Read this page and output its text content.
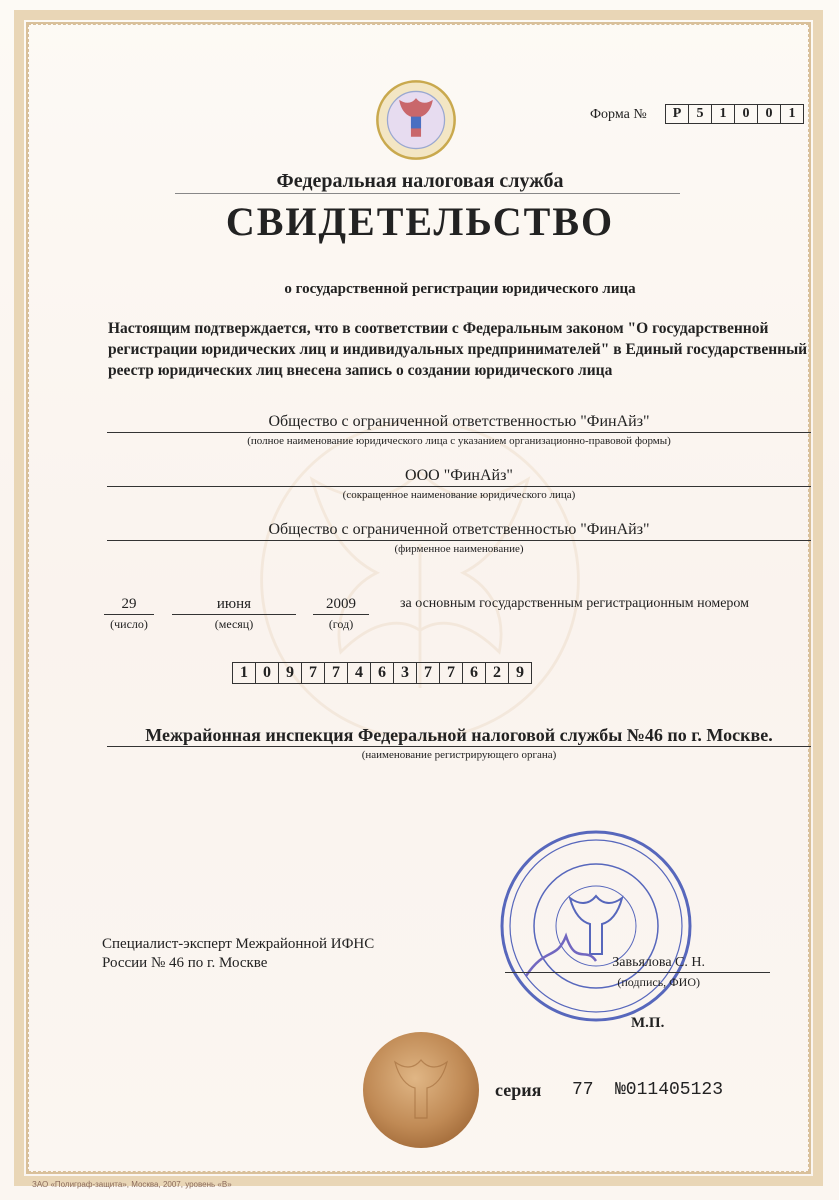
Форма №	Р	5	1	0	0	1
Федеральная налоговая служба
СВИДЕТЕЛЬСТВО
о государственной регистрации юридического лица
Настоящим подтверждается, что в соответствии с Федеральным законом "О государственной регистрации юридических лиц и индивидуальных предпринимателей" в Единый государственный реестр юридических лиц внесена запись о создании юридического лица
Общество с ограниченной ответственностью "ФинАйз"
(полное наименование юридического лица с указанием организационно-правовой формы)
ООО "ФинАйз"
(сокращенное наименование юридического лица)
Общество с ограниченной ответственностью "ФинАйз"
(фирменное наименование)
29
(число)
июня
(месяц)
2009
(год)
за основным государственным регистрационным номером
1 0 9 7 7 4 6 3 7 7 6 2 9
Межрайонная инспекция Федеральной налоговой службы №46 по г. Москве.
(наименование регистрирующего органа)
Специалист-эксперт Межрайонной ИФНС
России № 46 по г. Москве	Завьялова С. Н.
(подпись, ФИО)
М.П.
серия 77 №011405123
ЗАО «Полиграф-защита», Москва, 2007, уровень «В»
